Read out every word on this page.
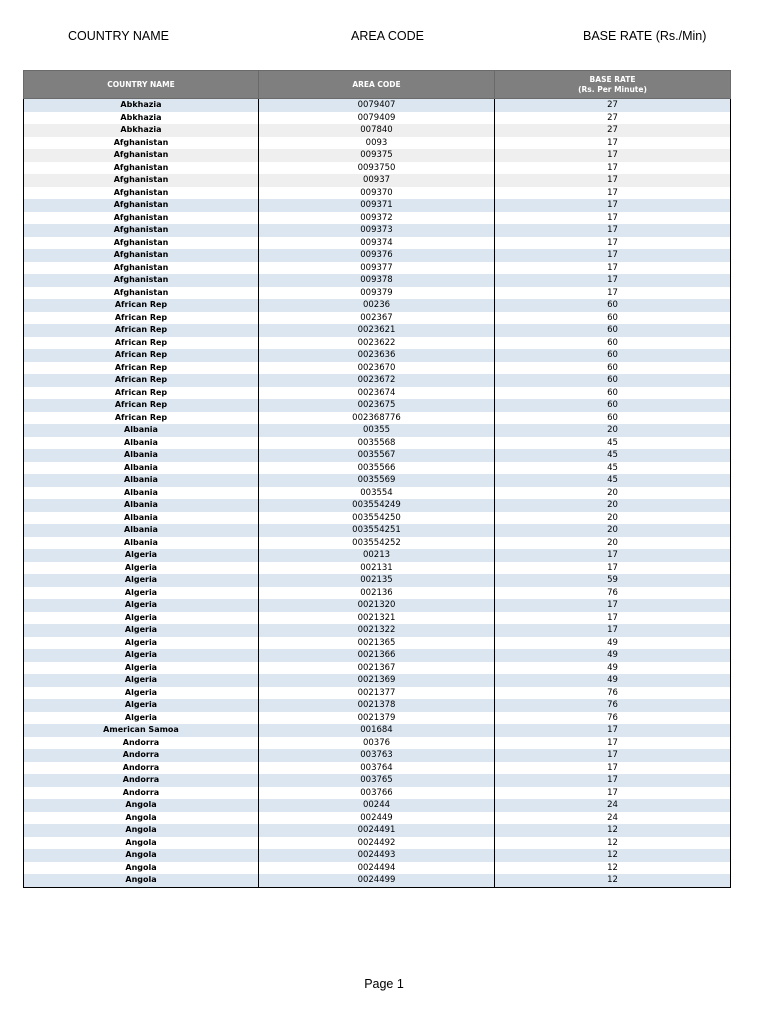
COUNTRY NAME	AREA CODE	BASE RATE (Rs./Min)
COUNTRY NAME	AREA CODE	BASE RATE
(Rs. Per Minute)

Abkhazia	0079407	27
Abkhazia	0079409	27
Abkhazia	007840	27
Afghanistan	0093	17
Afghanistan	009375	17
Afghanistan	0093750	17
Afghanistan	00937	17
Afghanistan	009370	17
Afghanistan	009371	17
Afghanistan	009372	17
Afghanistan	009373	17
Afghanistan	009374	17
Afghanistan	009376	17
Afghanistan	009377	17
Afghanistan	009378	17
Afghanistan	009379	17
African Rep	00236	60
African Rep	002367	60
African Rep	0023621	60
African Rep	0023622	60
African Rep	0023636	60
African Rep	0023670	60
African Rep	0023672	60
African Rep	0023674	60
African Rep	0023675	60
African Rep	002368776	60
Albania	00355	20
Albania	0035568	45
Albania	0035567	45
Albania	0035566	45
Albania	0035569	45
Albania	003554	20
Albania	003554249	20
Albania	003554250	20
Albania	003554251	20
Albania	003554252	20
Algeria	00213	17
Algeria	002131	17
Algeria	002135	59
Algeria	002136	76
Algeria	0021320	17
Algeria	0021321	17
Algeria	0021322	17
Algeria	0021365	49
Algeria	0021366	49
Algeria	0021367	49
Algeria	0021369	49
Algeria	0021377	76
Algeria	0021378	76
Algeria	0021379	76
American Samoa	001684	17
Andorra	00376	17
Andorra	003763	17
Andorra	003764	17
Andorra	003765	17
Andorra	003766	17
Angola	00244	24
Angola	002449	24
Angola	0024491	12
Angola	0024492	12
Angola	0024493	12
Angola	0024494	12
Angola	0024499	12
Page 1
